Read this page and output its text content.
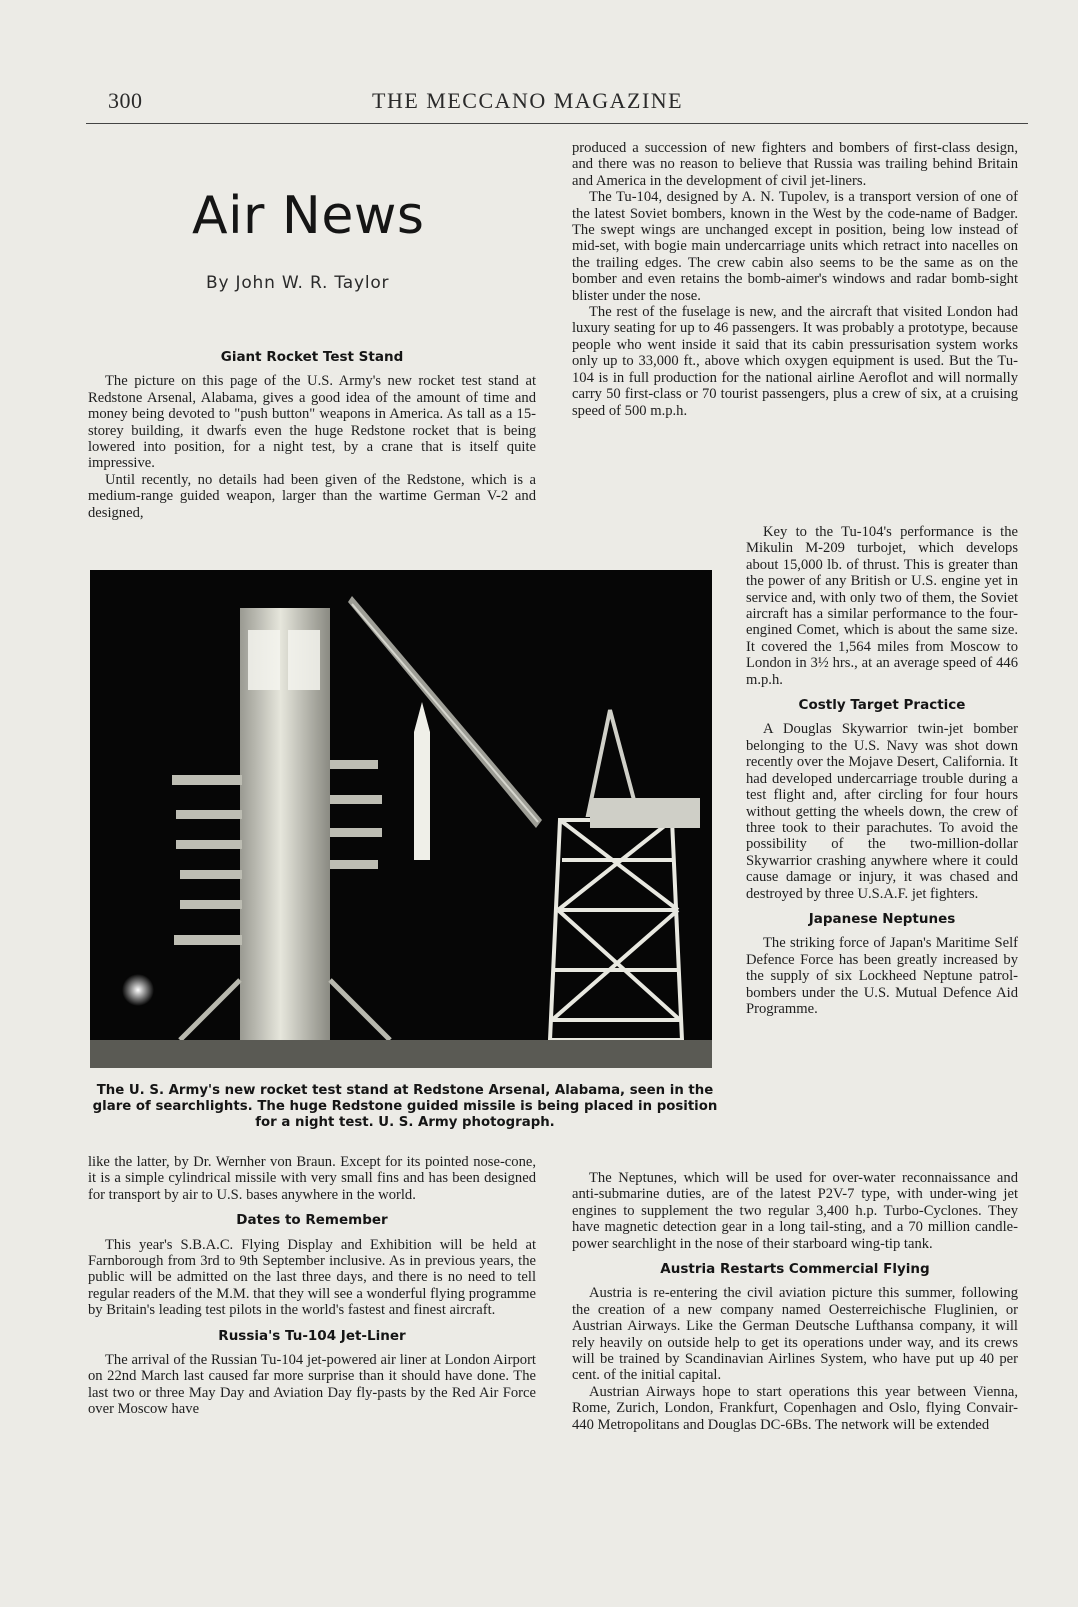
300	THE MECCANO MAGAZINE
Air News
By John W. R. Taylor
Giant Rocket Test Stand

The picture on this page of the U.S. Army's new rocket test stand at Redstone Arsenal, Alabama, gives a good idea of the amount of time and money being devoted to "push button" weapons in America. As tall as a 15-storey building, it dwarfs even the huge Redstone rocket that is being lowered into position, for a night test, by a crane that is itself quite impressive.

Until recently, no details had been given of the Redstone, which is a medium-range guided weapon, larger than the wartime German V-2 and designed,

produced a succession of new fighters and bombers of first-class design, and there was no reason to believe that Russia was trailing behind Britain and America in the development of civil jet-liners.

The Tu-104, designed by A. N. Tupolev, is a transport version of one of the latest Soviet bombers, known in the West by the code-name of Badger. The swept wings are unchanged except in position, being low instead of mid-set, with bogie main undercarriage units which retract into nacelles on the trailing edges. The crew cabin also seems to be the same as on the bomber and even retains the bomb-aimer's windows and radar bomb-sight blister under the nose.

The rest of the fuselage is new, and the aircraft that visited London had luxury seating for up to 46 passengers. It was probably a prototype, because people who went inside it said that its cabin pressurisation system works only up to 33,000 ft., above which oxygen equipment is used. But the Tu-104 is in full production for the national airline Aeroflot and will normally carry 50 first-class or 70 tourist passengers, plus a crew of six, at a cruising speed of 500 m.p.h.

Key to the Tu-104's performance is the Mikulin M-209 turbojet, which develops about 15,000 lb. of thrust. This is greater than the power of any British or U.S. engine yet in service and, with only two of them, the Soviet aircraft has a similar performance to the four-engined Comet, which is about the same size. It covered the 1,564 miles from Moscow to London in 3½ hrs., at an average speed of 446 m.p.h.

Costly Target Practice

A Douglas Skywarrior twin-jet bomber belonging to the U.S. Navy was shot down recently over the Mojave Desert, California. It had developed undercarriage trouble during a test flight and, after circling for four hours without getting the wheels down, the crew of three took to their parachutes. To avoid the possibility of the two-million-dollar Skywarrior crashing anywhere where it could cause damage or injury, it was chased and destroyed by three U.S.A.F. jet fighters.

Japanese Neptunes

The striking force of Japan's Maritime Self Defence Force has been greatly increased by the supply of six Lockheed Neptune patrol-bombers under the U.S. Mutual Defence Aid Programme.

The U. S. Army's new rocket test stand at Redstone Arsenal, Alabama, seen in the glare of searchlights. The huge Redstone guided missile is being placed in position for a night test. U. S. Army photograph.

like the latter, by Dr. Wernher von Braun. Except for its pointed nose-cone, it is a simple cylindrical missile with very small fins and has been designed for transport by air to U.S. bases anywhere in the world.

Dates to Remember

This year's S.B.A.C. Flying Display and Exhibition will be held at Farnborough from 3rd to 9th September inclusive. As in previous years, the public will be admitted on the last three days, and there is no need to tell regular readers of the M.M. that they will see a wonderful flying programme by Britain's leading test pilots in the world's fastest and finest aircraft.

Russia's Tu-104 Jet-Liner

The arrival of the Russian Tu-104 jet-powered air liner at London Airport on 22nd March last caused far more surprise than it should have done. The last two or three May Day and Aviation Day fly-pasts by the Red Air Force over Moscow have

The Neptunes, which will be used for over-water reconnaissance and anti-submarine duties, are of the latest P2V-7 type, with under-wing jet engines to supplement the two regular 3,400 h.p. Turbo-Cyclones. They have magnetic detection gear in a long tail-sting, and a 70 million candle-power searchlight in the nose of their starboard wing-tip tank.

Austria Restarts Commercial Flying

Austria is re-entering the civil aviation picture this summer, following the creation of a new company named Oesterreichische Fluglinien, or Austrian Airways. Like the German Deutsche Lufthansa company, it will rely heavily on outside help to get its operations under way, and its crews will be trained by Scandinavian Airlines System, who have put up 40 per cent. of the initial capital.

Austrian Airways hope to start operations this year between Vienna, Rome, Zurich, London, Frankfurt, Copenhagen and Oslo, flying Convair-440 Metropolitans and Douglas DC-6Bs. The network will be extended
